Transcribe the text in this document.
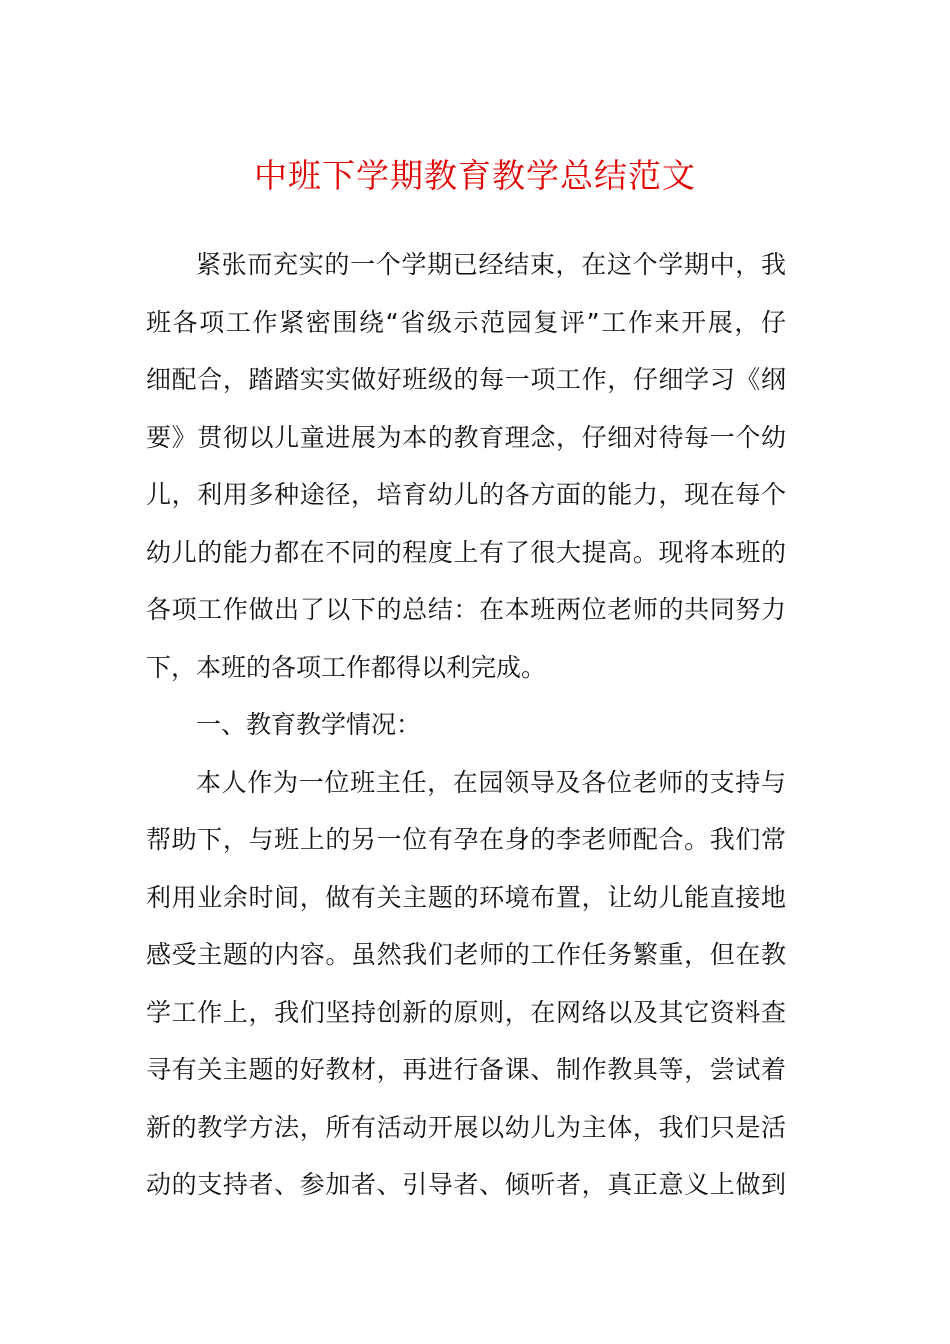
中班下学期教育教学总结范文
紧张而充实的一个学期已经结束，在这个学期中，我
班各项工作紧密围绕“省级示范园复评”工作来开展，仔
细配合，踏踏实实做好班级的每一项工作，仔细学习《纲
要》贯彻以儿童进展为本的教育理念，仔细对待每一个幼
儿，利用多种途径，培育幼儿的各方面的能力，现在每个
幼儿的能力都在不同的程度上有了很大提高。现将本班的
各项工作做出了以下的总结：在本班两位老师的共同努力
下，本班的各项工作都得以利完成。
一、教育教学情况：
本人作为一位班主任，在园领导及各位老师的支持与
帮助下，与班上的另一位有孕在身的李老师配合。我们常
利用业余时间，做有关主题的环境布置，让幼儿能直接地
感受主题的内容。虽然我们老师的工作任务繁重，但在教
学工作上，我们坚持创新的原则，在网络以及其它资料查
寻有关主题的好教材，再进行备课、制作教具等，尝试着
新的教学方法，所有活动开展以幼儿为主体，我们只是活
动的支持者、参加者、引导者、倾听者，真正意义上做到
